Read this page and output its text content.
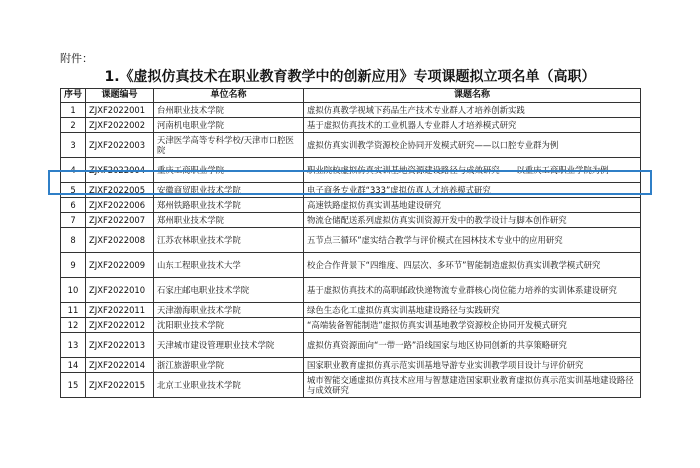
附件：
1.《虚拟仿真技术在职业教育教学中的创新应用》专项课题拟立项名单（高职）
序号	课题编号	单位名称	课题名称
1	ZJXF2022001	台州职业技术学院	虚拟仿真教学视域下药品生产技术专业群人才培养创新实践
2	ZJXF2022002	河南机电职业学院	基于虚拟仿真技术的工业机器人专业群人才培养模式研究
3	ZJXF2022003	天津医学高等专科学校/天津市口腔医院	虚拟仿真实训教学资源校企协同开发模式研究——以口腔专业群为例
4	ZJXF2022004	重庆工商职业学院	职业院校虚拟仿真实训基地资源建设路径与成效研究——以重庆工商职业学院为例
5	ZJXF2022005	安徽商贸职业技术学院	电子商务专业群“333”虚拟仿真人才培养模式研究
6	ZJXF2022006	郑州铁路职业技术学院	高速铁路虚拟仿真实训基地建设研究
7	ZJXF2022007	郑州职业技术学院	物流仓储配送系列虚拟仿真实训资源开发中的教学设计与脚本创作研究
8	ZJXF2022008	江苏农林职业技术学院	五节点三循环”虚实结合教学与评价模式在园林技术专业中的应用研究
9	ZJXF2022009	山东工程职业技术大学	校企合作背景下“四维度、四层次、多环节”智能制造虚拟仿真实训教学模式研究
10	ZJXF2022010	石家庄邮电职业技术学院	基于虚拟仿真技术的高职邮政快递物流专业群核心岗位能力培养的实训体系建设研究
11	ZJXF2022011	天津渤海职业技术学院	绿色生态化工虚拟仿真实训基地建设路径与实践研究
12	ZJXF2022012	沈阳职业技术学院	“高端装备智能制造”虚拟仿真实训基地教学资源校企协同开发模式研究
13	ZJXF2022013	天津城市建设管理职业技术学院	虚拟仿真资源面向“一带一路”沿线国家与地区协同创新的共享策略研究
14	ZJXF2022014	浙江旅游职业学院	国家职业教育虚拟仿真示范实训基地导游专业实训教学项目设计与评价研究
15	ZJXF2022015	北京工业职业技术学院	城市智能交通虚拟仿真技术应用与智慧建造国家职业教育虚拟仿真示范实训基地建设路径与成效研究
